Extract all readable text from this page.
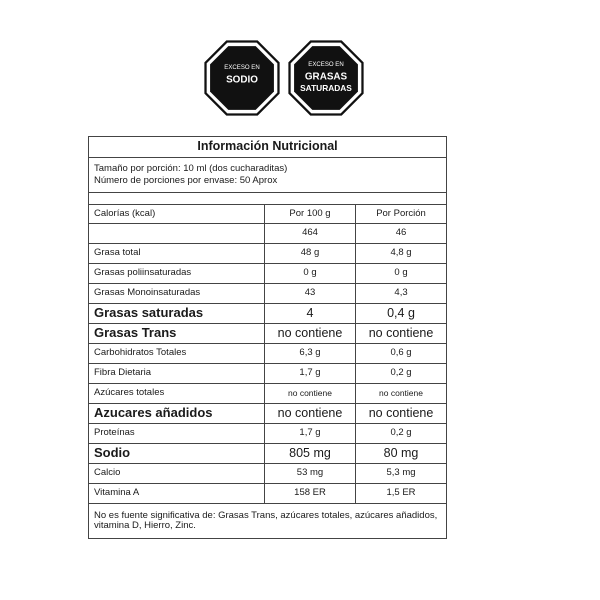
EXCESO EN
SODIO
EXCESO EN
GRASAS
SATURADAS
Información Nutricional		

Tamaño por porción: 10 ml (dos cucharaditas)
Número de porciones por envase: 50 Aprox		

Calorías (kcal)	Por 100 g	Por Porción
	464	46
Grasa total	48 g	4,8 g
Grasas poliinsaturadas	0 g	0 g
Grasas Monoinsaturadas	43	4,3
Grasas saturadas	4	0,4 g
Grasas Trans	no contiene	no contiene
Carbohidratos Totales	6,3 g	0,6 g
Fibra Dietaria	1,7 g	0,2 g
Azúcares totales	no contiene	no contiene
Azucares añadidos	no contiene	no contiene
Proteínas	1,7 g	0,2 g
Sodio	805 mg	80 mg
Calcio	53 mg	5,3 mg
Vitamina A	158 ER	1,5 ER
No es fuente significativa de: Grasas Trans, azúcares totales, azúcares añadidos, vitamina D, Hierro, Zinc.		
